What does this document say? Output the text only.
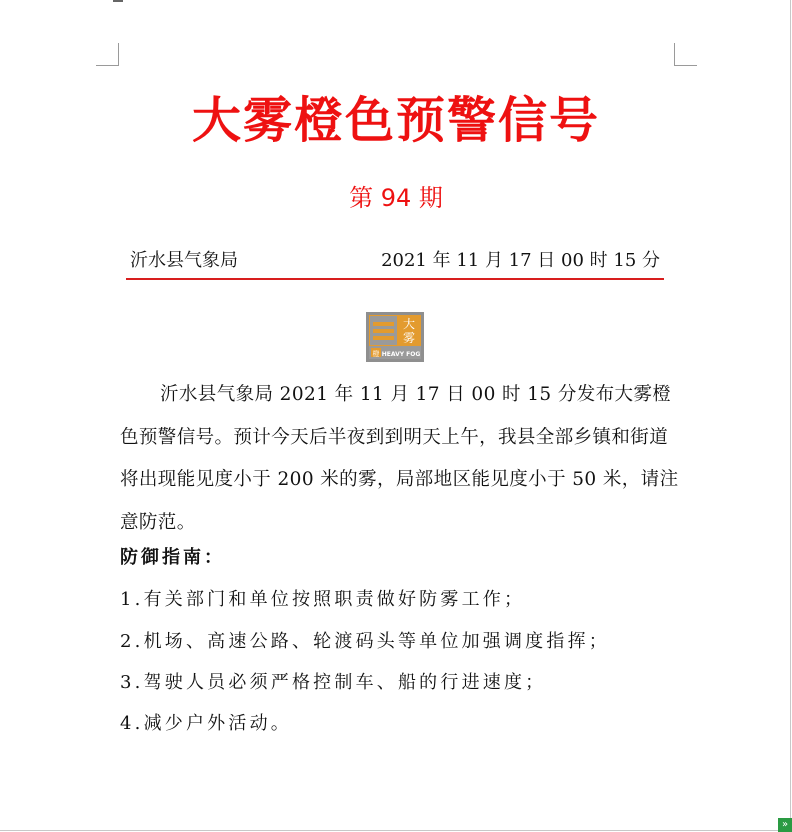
大雾橙色预警信号
第 94 期
沂水县气象局	2021 年 11 月 17 日 00 时 15 分
大
雾
橙 HEAVY FOG
沂水县气象局 2021 年 11 月 17 日 00 时 15 分发布大雾橙色预警信号。预计今天后半夜到到明天上午，我县全部乡镇和街道将出现能见度小于 200 米的雾，局部地区能见度小于 50 米，请注意防范。
防御指南：
1.有关部门和单位按照职责做好防雾工作；
2.机场、高速公路、轮渡码头等单位加强调度指挥；
3.驾驶人员必须严格控制车、船的行进速度；
4.减少户外活动。
»
